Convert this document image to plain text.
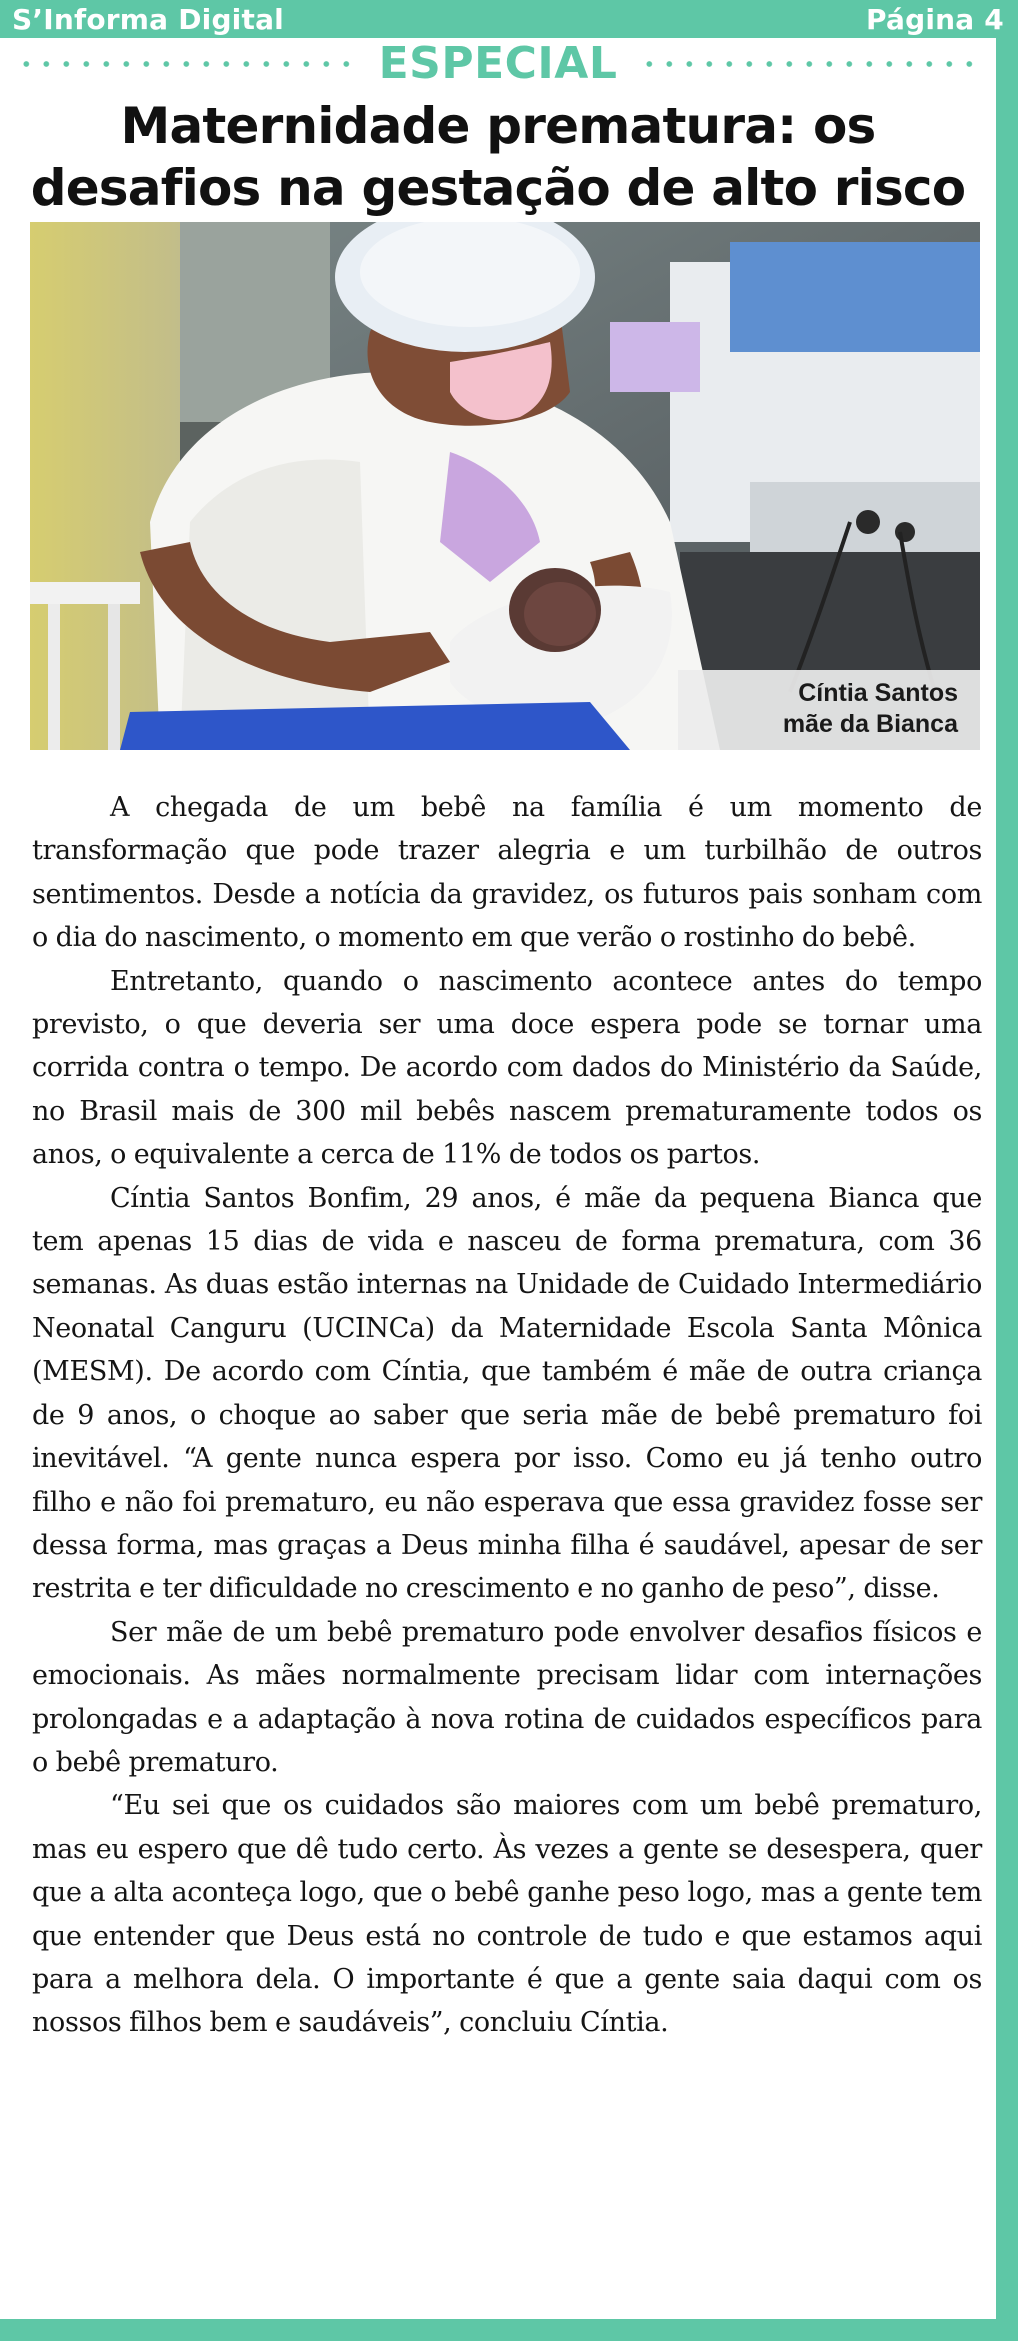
S’Informa Digital	Página 4
ESPECIAL
Maternidade prematura: os desafios na gestação de alto risco
Cíntia Santos
mãe da Bianca

A chegada de um bebê na família é um momento de transformação que pode trazer alegria e um turbilhão de outros sentimentos. Desde a notícia da gravidez, os futuros pais sonham com o dia do nascimento, o momento em que verão o rostinho do bebê.

Entretanto, quando o nascimento acontece antes do tempo previsto, o que deveria ser uma doce espera pode se tornar uma corrida contra o tempo. De acordo com dados do Ministério da Saúde, no Brasil mais de 300 mil bebês nascem prematuramente todos os anos, o equivalente a cerca de 11% de todos os partos.

Cíntia Santos Bonfim, 29 anos, é mãe da pequena Bianca que tem apenas 15 dias de vida e nasceu de forma prematura, com 36 semanas. As duas estão internas na Unidade de Cuidado Intermediário Neonatal Canguru (UCINCa) da Maternidade Escola Santa Mônica (MESM). De acordo com Cíntia, que também é mãe de outra criança de 9 anos, o choque ao saber que seria mãe de bebê prematuro foi inevitável. “A gente nunca espera por isso. Como eu já tenho outro filho e não foi prematuro, eu não esperava que essa gravidez fosse ser dessa forma, mas graças a Deus minha filha é saudável, apesar de ser restrita e ter dificuldade no crescimento e no ganho de peso”, disse.

Ser mãe de um bebê prematuro pode envolver desafios físicos e emocionais. As mães normalmente precisam lidar com internações prolongadas e a adaptação à nova rotina de cuidados específicos para o bebê prematuro.

“Eu sei que os cuidados são maiores com um bebê prematuro, mas eu espero que dê tudo certo. Às vezes a gente se desespera, quer que a alta aconteça logo, que o bebê ganhe peso logo, mas a gente tem que entender que Deus está no controle de tudo e que estamos aqui para a melhora dela. O importante é que a gente saia daqui com os nossos filhos bem e saudáveis”, concluiu Cíntia.
